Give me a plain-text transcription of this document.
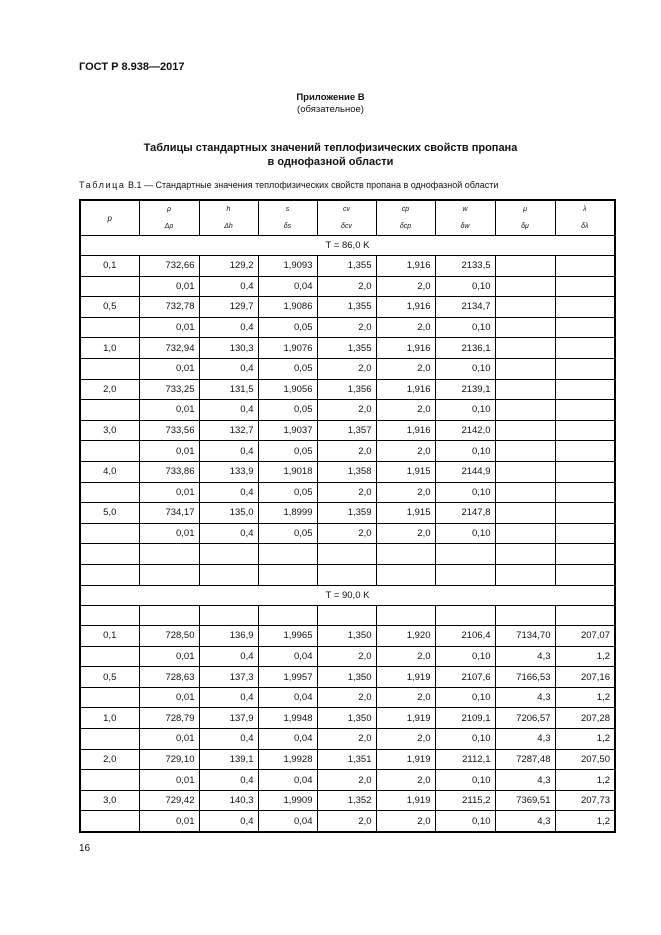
ГОСТ Р 8.938—2017
Приложение В
(обязательное)
Таблицы стандартных значений теплофизических свойств пропана
в однофазной области
Таблица В.1 — Стандартные значения теплофизических свойств пропана в однофазной области
p	ρ	h	s	cv	cp	w	μ	λ
	Δρ	Δh	δs	δcv	δcp	δw	δμ	δλ
T = 86,0 K								
0,1	732,66	129,2	1,9093	1,355	1,916	2133,5		
	0,01	0,4	0,04	2,0	2,0	0,10		
0,5	732,78	129,7	1,9086	1,355	1,916	2134,7		
	0,01	0,4	0,05	2,0	2,0	0,10		
1,0	732,94	130,3	1,9076	1,355	1,916	2136,1		
	0,01	0,4	0,05	2,0	2,0	0,10		
2,0	733,25	131,5	1,9056	1,356	1,916	2139,1		
	0,01	0,4	0,05	2,0	2,0	0,10		
3,0	733,56	132,7	1,9037	1,357	1,916	2142,0		
	0,01	0,4	0,05	2,0	2,0	0,10		
4,0	733,86	133,9	1,9018	1,358	1,915	2144,9		
	0,01	0,4	0,05	2,0	2,0	0,10		
5,0	734,17	135,0	1,8999	1,359	1,915	2147,8		
	0,01	0,4	0,05	2,0	2,0	0,10		

T = 90,0 K								

0,1	728,50	136,9	1,9965	1,350	1,920	2106,4	7134,70	207,07
	0,01	0,4	0,04	2,0	2,0	0,10	4,3	1,2
0,5	728,63	137,3	1,9957	1,350	1,919	2107,6	7166,53	207,16
	0,01	0,4	0,04	2,0	2,0	0,10	4,3	1,2
1,0	728,79	137,9	1,9948	1,350	1,919	2109,1	7206,57	207,28
	0,01	0,4	0,04	2,0	2,0	0,10	4,3	1,2
2,0	729,10	139,1	1,9928	1,351	1,919	2112,1	7287,48	207,50
	0,01	0,4	0,04	2,0	2,0	0,10	4,3	1,2
3,0	729,42	140,3	1,9909	1,352	1,919	2115,2	7369,51	207,73
	0,01	0,4	0,04	2,0	2,0	0,10	4,3	1,2
16
